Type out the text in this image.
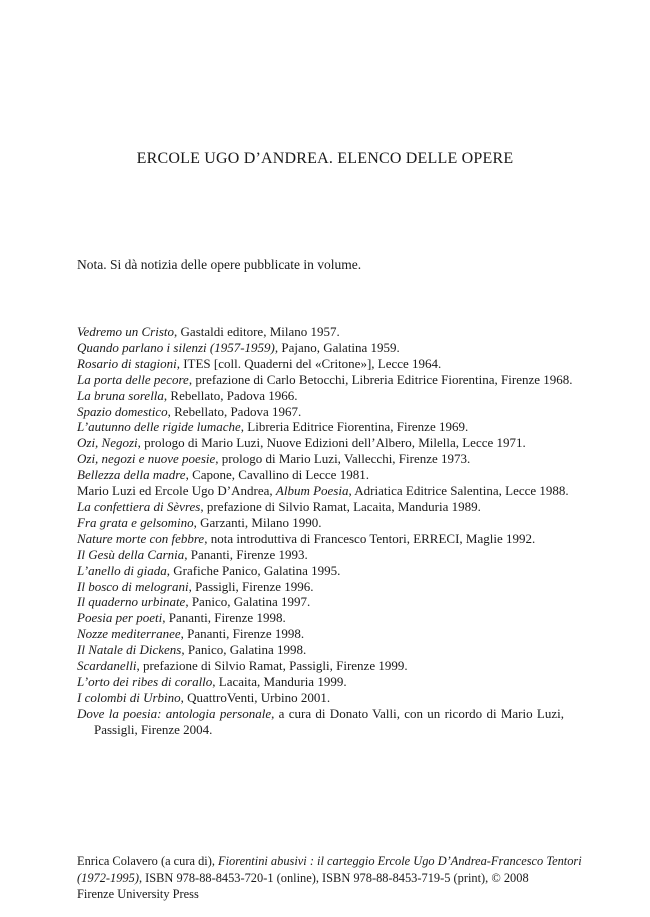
ERCOLE UGO D’ANDREA. ELENCO DELLE OPERE
Nota. Si dà notizia delle opere pubblicate in volume.
Vedremo un Cristo, Gastaldi editore, Milano 1957.
Quando parlano i silenzi (1957-1959), Pajano, Galatina 1959.
Rosario di stagioni, ITES [coll. Quaderni del «Critone»], Lecce 1964.
La porta delle pecore, prefazione di Carlo Betocchi, Libreria Editrice Fiorentina, Firenze 1968.
La bruna sorella, Rebellato, Padova 1966.
Spazio domestico, Rebellato, Padova 1967.
L’autunno delle rigide lumache, Libreria Editrice Fiorentina, Firenze 1969.
Ozi, Negozi, prologo di Mario Luzi, Nuove Edizioni dell’Albero, Milella, Lecce 1971.
Ozi, negozi e nuove poesie, prologo di Mario Luzi, Vallecchi, Firenze 1973.
Bellezza della madre, Capone, Cavallino di Lecce 1981.
Mario Luzi ed Ercole Ugo D’Andrea, Album Poesia, Adriatica Editrice Salentina, Lecce 1988.
La confettiera di Sèvres, prefazione di Silvio Ramat, Lacaita, Manduria 1989.
Fra grata e gelsomino, Garzanti, Milano 1990.
Nature morte con febbre, nota introduttiva di Francesco Tentori, ERRECI, Maglie 1992.
Il Gesù della Carnia, Pananti, Firenze 1993.
L’anello di giada, Grafiche Panico, Galatina 1995.
Il bosco di melograni, Passigli, Firenze 1996.
Il quaderno urbinate, Panico, Galatina 1997.
Poesia per poeti, Pananti, Firenze 1998.
Nozze mediterranee, Pananti, Firenze 1998.
Il Natale di Dickens, Panico, Galatina 1998.
Scardanelli, prefazione di Silvio Ramat, Passigli, Firenze 1999.
L’orto dei ribes di corallo, Lacaita, Manduria 1999.
I colombi di Urbino, QuattroVenti, Urbino 2001.
Dove la poesia: antologia personale, a cura di Donato Valli, con un ricordo di Mario Luzi, Passigli, Firenze 2004.
Enrica Colavero (a cura di), Fiorentini abusivi : il carteggio Ercole Ugo D’Andrea-Francesco Tentori
(1972-1995), ISBN 978-88-8453-720-1 (online), ISBN 978-88-8453-719-5 (print), © 2008
Firenze University Press
